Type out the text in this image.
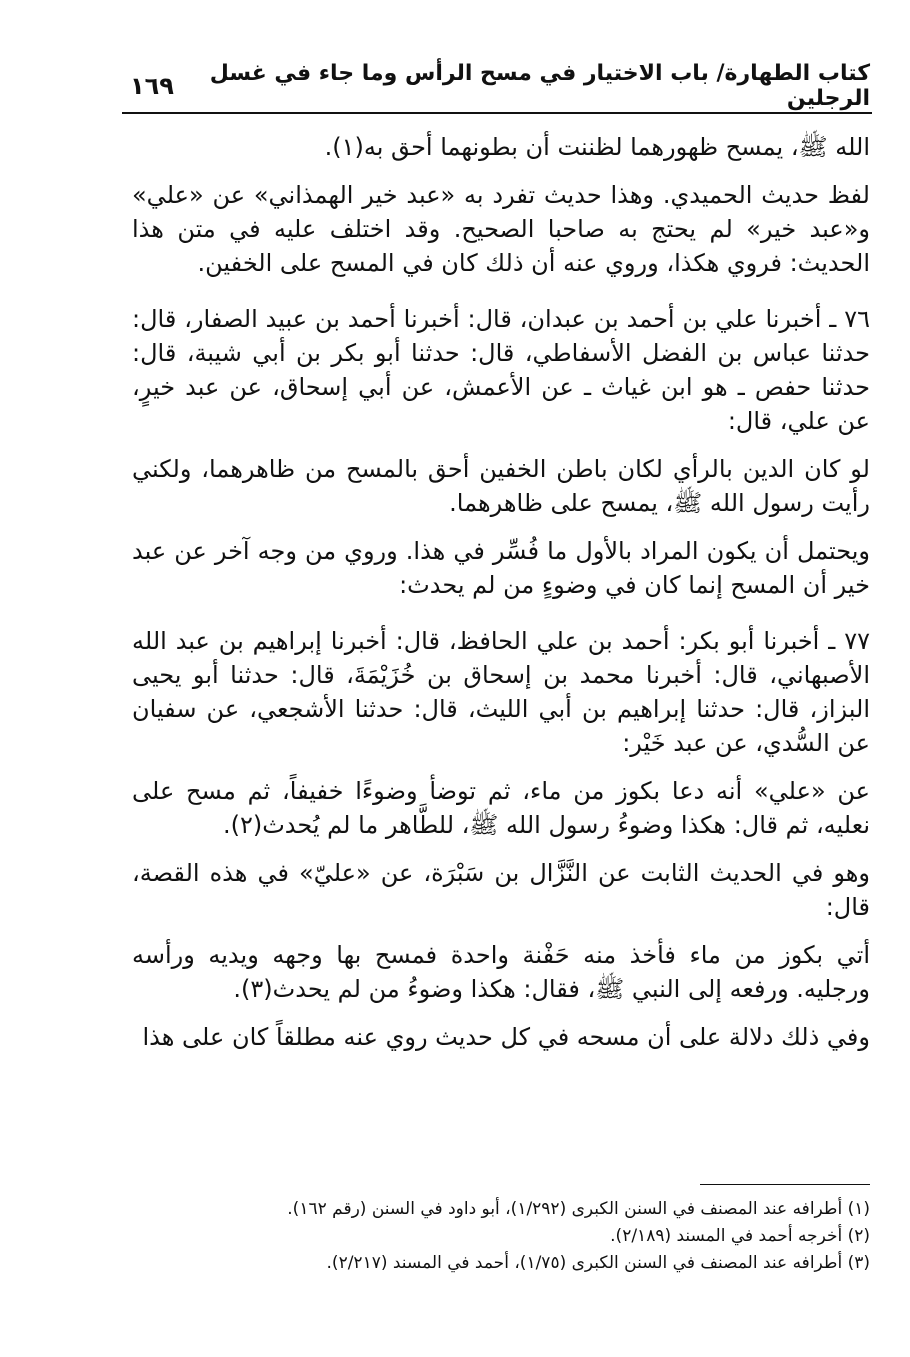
كتاب الطهارة/ باب الاختيار في مسح الرأس وما جاء في غسل الرجلين
١٦٩

الله ﷺ، يمسح ظهورهما لظننت أن بطونهما أحق به(١).

لفظ حديث الحميدي. وهذا حديث تفرد به «عبد خير الهمذاني» عن «علي» و«عبد خير» لم يحتج به صاحبا الصحيح. وقد اختلف عليه في متن هذا الحديث: فروي هكذا، وروي عنه أن ذلك كان في المسح على الخفين.

٧٦ ـ أخبرنا علي بن أحمد بن عبدان، قال: أخبرنا أحمد بن عبيد الصفار، قال: حدثنا عباس بن الفضل الأسفاطي، قال: حدثنا أبو بكر بن أبي شيبة، قال: حدثنا حفص ـ هو ابن غياث ـ عن الأعمش، عن أبي إسحاق، عن عبد خيرٍ، عن علي، قال:

لو كان الدين بالرأي لكان باطن الخفين أحق بالمسح من ظاهرهما، ولكني رأيت رسول الله ﷺ، يمسح على ظاهرهما.

ويحتمل أن يكون المراد بالأول ما فُسِّر في هذا. وروي من وجه آخر عن عبد خير أن المسح إنما كان في وضوءٍ من لم يحدث:

٧٧ ـ أخبرنا أبو بكر: أحمد بن علي الحافظ، قال: أخبرنا إبراهيم بن عبد الله الأصبهاني، قال: أخبرنا محمد بن إسحاق بن خُزَيْمَةَ، قال: حدثنا أبو يحيى البزاز، قال: حدثنا إبراهيم بن أبي الليث، قال: حدثنا الأشجعي، عن سفيان عن السُّدي، عن عبد خَيْر:

عن «علي» أنه دعا بكوز من ماء، ثم توضأ وضوءًا خفيفاً، ثم مسح على نعليه، ثم قال: هكذا وضوءُ رسول الله ﷺ، للطَّاهر ما لم يُحدث(٢).

وهو في الحديث الثابت عن النَّزَّال بن سَبْرَة، عن «عليّ» في هذه القصة، قال:

أتي بكوز من ماء فأخذ منه حَفْنة واحدة فمسح بها وجهه ويديه ورأسه ورجليه. ورفعه إلى النبي ﷺ، فقال: هكذا وضوءُ من لم يحدث(٣).

وفي ذلك دلالة على أن مسحه في كل حديث روي عنه مطلقاً كان على هذا

(١) أطرافه عند المصنف في السنن الكبرى (١/٢٩٢)، أبو داود في السنن (رقم ١٦٢).
(٢) أخرجه أحمد في المسند (٢/١٨٩).
(٣) أطرافه عند المصنف في السنن الكبرى (١/٧٥)، أحمد في المسند (٢/٢١٧).
